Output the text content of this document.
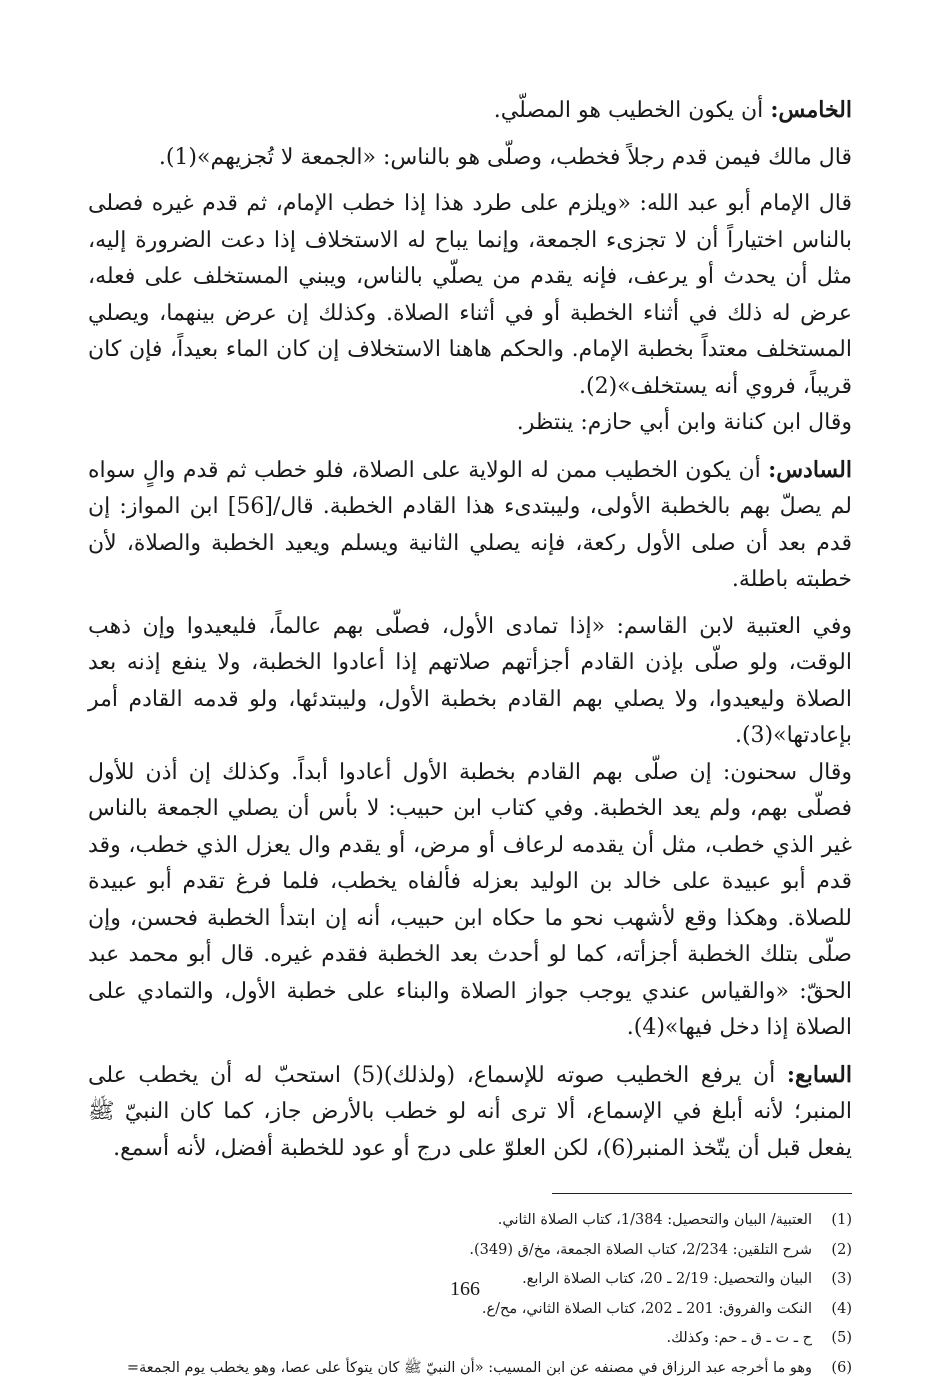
الخامس: أن يكون الخطيب هو المصلّي.

قال مالك فيمن قدم رجلاً فخطب، وصلّى هو بالناس: «الجمعة لا تُجزيهم»(1).

قال الإمام أبو عبد الله: «ويلزم على طرد هذا إذا خطب الإمام، ثم قدم غيره فصلى بالناس اختياراً أن لا تجزىء الجمعة، وإنما يباح له الاستخلاف إذا دعت الضرورة إليه، مثل أن يحدث أو يرعف، فإنه يقدم من يصلّي بالناس، ويبني المستخلف على فعله، عرض له ذلك في أثناء الخطبة أو في أثناء الصلاة. وكذلك إن عرض بينهما، ويصلي المستخلف معتداً بخطبة الإمام. والحكم هاهنا الاستخلاف إن كان الماء بعيداً، فإن كان قريباً، فروي أنه يستخلف»(2).
وقال ابن كنانة وابن أبي حازم: ينتظر.

السادس: أن يكون الخطيب ممن له الولاية على الصلاة، فلو خطب ثم قدم والٍ سواه لم يصلّ بهم بالخطبة الأولى، وليبتدىء هذا القادم الخطبة. قال/[56] ابن المواز: إن قدم بعد أن صلى الأول ركعة، فإنه يصلي الثانية ويسلم ويعيد الخطبة والصلاة، لأن خطبته باطلة.

وفي العتبية لابن القاسم: «إذا تمادى الأول، فصلّى بهم عالماً، فليعيدوا وإن ذهب الوقت، ولو صلّى بإذن القادم أجزأتهم صلاتهم إذا أعادوا الخطبة، ولا ينفع إذنه بعد الصلاة وليعيدوا، ولا يصلي بهم القادم بخطبة الأول، وليبتدئها، ولو قدمه القادم أمر بإعادتها»(3).
وقال سحنون: إن صلّى بهم القادم بخطبة الأول أعادوا أبداً. وكذلك إن أذن للأول فصلّى بهم، ولم يعد الخطبة. وفي كتاب ابن حبيب: لا بأس أن يصلي الجمعة بالناس غير الذي خطب، مثل أن يقدمه لرعاف أو مرض، أو يقدم وال يعزل الذي خطب، وقد قدم أبو عبيدة على خالد بن الوليد بعزله فألفاه يخطب، فلما فرغ تقدم أبو عبيدة للصلاة. وهكذا وقع لأشهب نحو ما حكاه ابن حبيب، أنه إن ابتدأ الخطبة فحسن، وإن صلّى بتلك الخطبة أجزأته، كما لو أحدث بعد الخطبة فقدم غيره. قال أبو محمد عبد الحقّ: «والقياس عندي يوجب جواز الصلاة والبناء على خطبة الأول، والتمادي على الصلاة إذا دخل فيها»(4).

السابع: أن يرفع الخطيب صوته للإسماع، (ولذلك)(5) استحبّ له أن يخطب على المنبر؛ لأنه أبلغ في الإسماع، ألا ترى أنه لو خطب بالأرض جاز، كما كان النبيّ ﷺ يفعل قبل أن يتّخذ المنبر(6)، لكن العلوّ على درج أو عود للخطبة أفضل، لأنه أسمع.

(1)
العتبية/ البيان والتحصيل: 1/384، كتاب الصلاة الثاني.
(2)
شرح التلقين: 2/234، كتاب الصلاة الجمعة، مخ/ق (349).
(3)
البيان والتحصيل: 2/19 ـ 20، كتاب الصلاة الرابع.
(4)
النكت والفروق: 201 ـ 202، كتاب الصلاة الثاني، مح/ع.
(5)
ح ـ ت ـ ق ـ حم: وكذلك.
(6)
وهو ما أخرجه عبد الرزاق في مصنفه عن ابن المسيب: «أن النبيّ ﷺ كان يتوكأ على عصا، وهو يخطب يوم الجمعة=
166
